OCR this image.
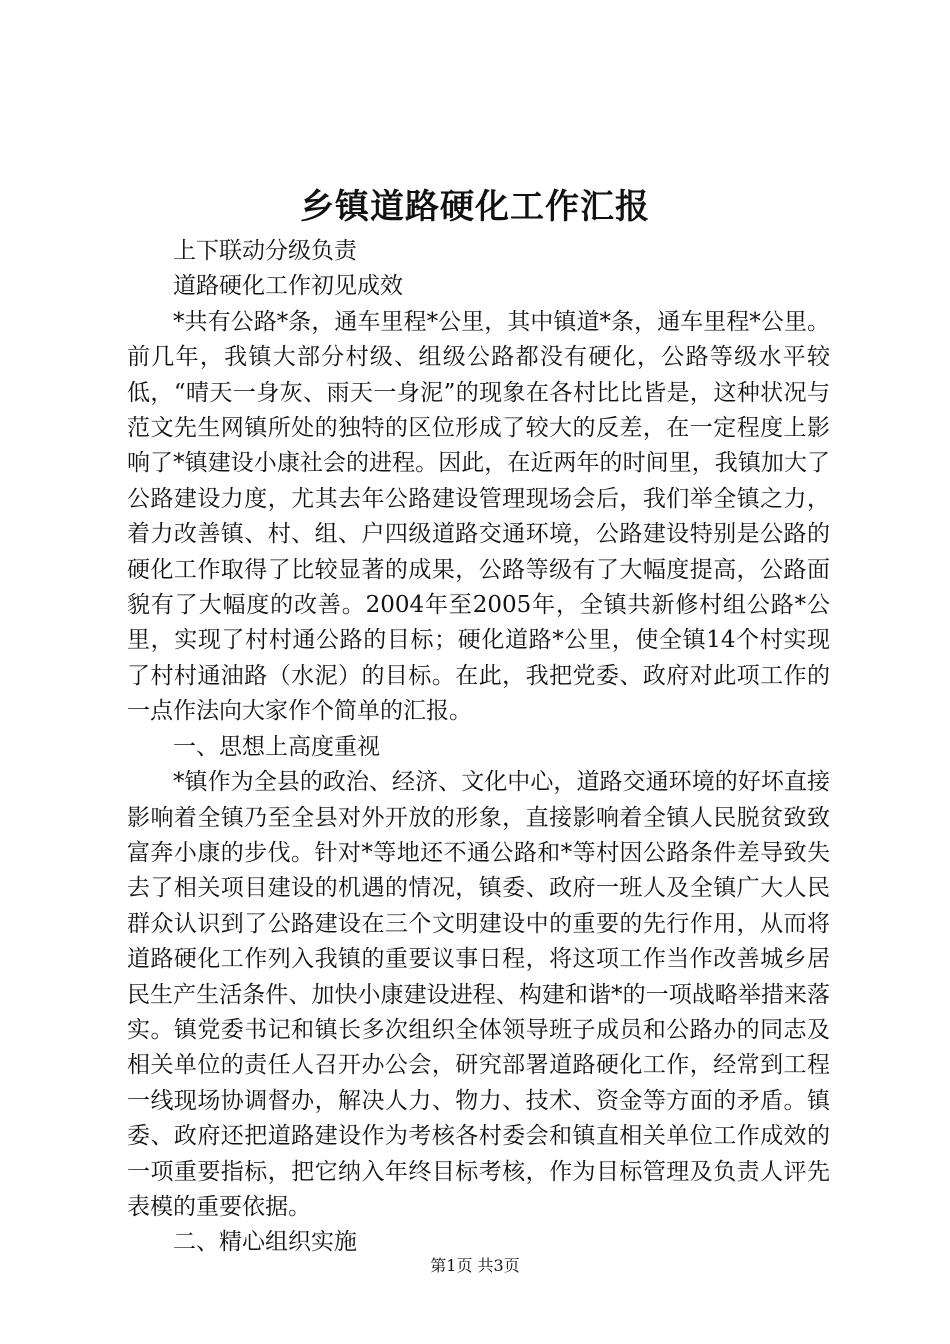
乡镇道路硬化工作汇报

上下联动分级负责

道路硬化工作初见成效

*共有公路*条，通车里程*公里，其中镇道*条，通车里程*公里。前几年，我镇大部分村级、组级公路都没有硬化，公路等级水平较低，“晴天一身灰、雨天一身泥”的现象在各村比比皆是，这种状况与范文先生网镇所处的独特的区位形成了较大的反差，在一定程度上影响了*镇建设小康社会的进程。因此，在近两年的时间里，我镇加大了公路建设力度，尤其去年公路建设管理现场会后，我们举全镇之力，着力改善镇、村、组、户四级道路交通环境，公路建设特别是公路的硬化工作取得了比较显著的成果，公路等级有了大幅度提高，公路面貌有了大幅度的改善。2004年至2005年，全镇共新修村组公路*公里，实现了村村通公路的目标；硬化道路*公里，使全镇14个村实现了村村通油路（水泥）的目标。在此，我把党委、政府对此项工作的一点作法向大家作个简单的汇报。

一、思想上高度重视

*镇作为全县的政治、经济、文化中心，道路交通环境的好坏直接影响着全镇乃至全县对外开放的形象，直接影响着全镇人民脱贫致致富奔小康的步伐。针对*等地还不通公路和*等村因公路条件差导致失去了相关项目建设的机遇的情况，镇委、政府一班人及全镇广大人民群众认识到了公路建设在三个文明建设中的重要的先行作用，从而将道路硬化工作列入我镇的重要议事日程，将这项工作当作改善城乡居民生产生活条件、加快小康建设进程、构建和谐*的一项战略举措来落实。镇党委书记和镇长多次组织全体领导班子成员和公路办的同志及相关单位的责任人召开办公会，研究部署道路硬化工作，经常到工程一线现场协调督办，解决人力、物力、技术、资金等方面的矛盾。镇委、政府还把道路建设作为考核各村委会和镇直相关单位工作成效的一项重要指标，把它纳入年终目标考核，作为目标管理及负责人评先表模的重要依据。

二、精心组织实施

第1页 共3页
